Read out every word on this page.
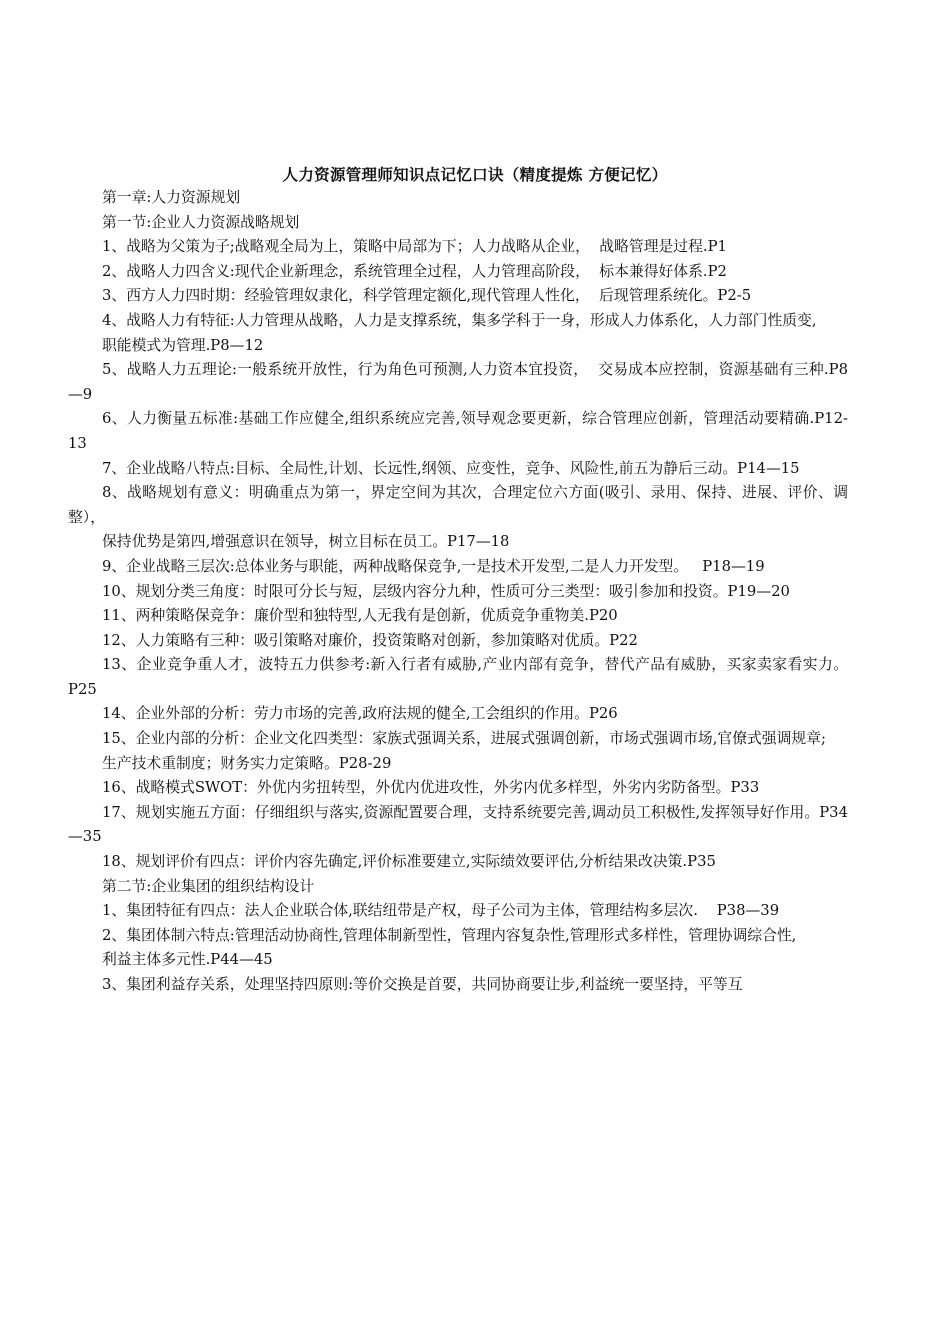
人力资源管理师知识点记忆口诀（精度提炼 方便记忆）

第一章:人力资源规划

第一节:企业人力资源战略规划

1、战略为父策为子;战略观全局为上，策略中局部为下；人力战略从企业，  战略管理是过程.P1

2、战略人力四含义:现代企业新理念，系统管理全过程，人力管理高阶段，  标本兼得好体系.P2

3、西方人力四时期：经验管理奴隶化，科学管理定额化,现代管理人性化，  后现管理系统化。P2-5

4、战略人力有特征:人力管理从战略，人力是支撑系统，集多学科于一身，形成人力体系化，人力部门性质变,

职能模式为管理.P8—12

5、战略人力五理论:一般系统开放性，行为角色可预测,人力资本宜投资，  交易成本应控制，资源基础有三种.P8—9

6、人力衡量五标准:基础工作应健全,组织系统应完善,领导观念要更新，综合管理应创新，管理活动要精确.P12-13

7、企业战略八特点:目标、全局性,计划、长远性,纲领、应变性，竞争、风险性,前五为静后三动。P14—15

8、战略规划有意义：明确重点为第一，界定空间为其次，合理定位六方面(吸引、录用、保持、进展、评价、调整），

保持优势是第四,增强意识在领导，树立目标在员工。P17—18

9、企业战略三层次:总体业务与职能，两种战略保竞争,一是技术开发型,二是人力开发型。   P18—19

10、规划分类三角度：时限可分长与短，层级内容分九种，性质可分三类型：吸引参加和投资。P19—20

11、两种策略保竞争：廉价型和独特型,人无我有是创新，优质竞争重物美.P20

12、人力策略有三种：吸引策略对廉价，投资策略对创新，参加策略对优质。P22

13、企业竞争重人才，波特五力供参考:新入行者有威胁,产业内部有竞争，替代产品有威胁，买家卖家看实力。P25

14、企业外部的分析：劳力市场的完善,政府法规的健全,工会组织的作用。P26

15、企业内部的分析：企业文化四类型：家族式强调关系，进展式强调创新，市场式强调市场,官僚式强调规章;

生产技术重制度；财务实力定策略。P28-29

16、战略模式SWOT：外优内劣扭转型，外优内优进攻性，外劣内优多样型，外劣内劣防备型。P33

17、规划实施五方面：仔细组织与落实,资源配置要合理，支持系统要完善,调动员工积极性,发挥领导好作用。P34—35

18、规划评价有四点：评价内容先确定,评价标准要建立,实际绩效要评估,分析结果改决策.P35

第二节:企业集团的组织结构设计

1、集团特征有四点：法人企业联合体,联结纽带是产权，母子公司为主体，管理结构多层次.    P38—39

2、集团体制六特点:管理活动协商性,管理体制新型性，管理内容复杂性,管理形式多样性，管理协调综合性,

利益主体多元性.P44—45

3、集团利益存关系，处理坚持四原则:等价交换是首要，共同协商要让步,利益统一要坚持，平等互
